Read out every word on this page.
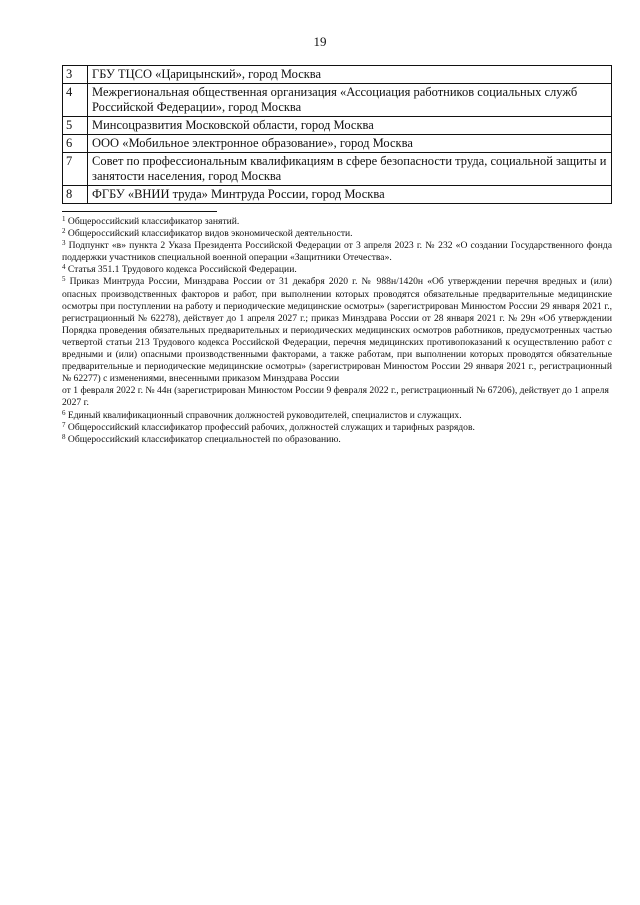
19
3	ГБУ ТЦСО «Царицынский», город Москва
4	Межрегиональная общественная организация «Ассоциация работников социальных служб Российской Федерации», город Москва
5	Минсоцразвития Московской области, город Москва
6	ООО «Мобильное электронное образование», город Москва
7	Совет по профессиональным квалификациям в сфере безопасности труда, социальной защиты и занятости населения, город Москва
8	ФГБУ «ВНИИ труда» Минтруда России, город Москва

$^1$ Общероссийский классификатор занятий.

$^2$ Общероссийский классификатор видов экономической деятельности.

$^3$ Подпункт «в» пункта 2 Указа Президента Российской Федерации от 3 апреля 2023 г. № 232 «О создании Государственного фонда поддержки участников специальной военной операции «Защитники Отечества».

$^4$ Статья 351.1 Трудового кодекса Российской Федерации.

$^5$ Приказ Минтруда России, Минздрава России от 31 декабря 2020 г. № 988н/1420н «Об утверждении перечня вредных и (или) опасных производственных факторов и работ, при выполнении которых проводятся обязательные предварительные медицинские осмотры при поступлении на работу и периодические медицинские осмотры» (зарегистрирован Минюстом России 29 января 2021 г., регистрационный № 62278), действует до 1 апреля 2027 г.; приказ Минздрава России от 28 января 2021 г. № 29н «Об утверждении Порядка проведения обязательных предварительных и периодических медицинских осмотров работников, предусмотренных частью четвертой статьи 213 Трудового кодекса Российской Федерации, перечня медицинских противопоказаний к осуществлению работ с вредными и (или) опасными производственными факторами, а также работам, при выполнении которых проводятся обязательные предварительные и периодические медицинские осмотры» (зарегистрирован Минюстом России 29 января 2021 г., регистрационный № 62277) с изменениями, внесенными приказом Минздрава России

от 1 февраля 2022 г. № 44н (зарегистрирован Минюстом России 9 февраля 2022 г., регистрационный № 67206), действует до 1 апреля 2027 г.

$^6$ Единый квалификационный справочник должностей руководителей, специалистов и служащих.

$^7$ Общероссийский классификатор профессий рабочих, должностей служащих и тарифных разрядов.

$^8$ Общероссийский классификатор специальностей по образованию.
